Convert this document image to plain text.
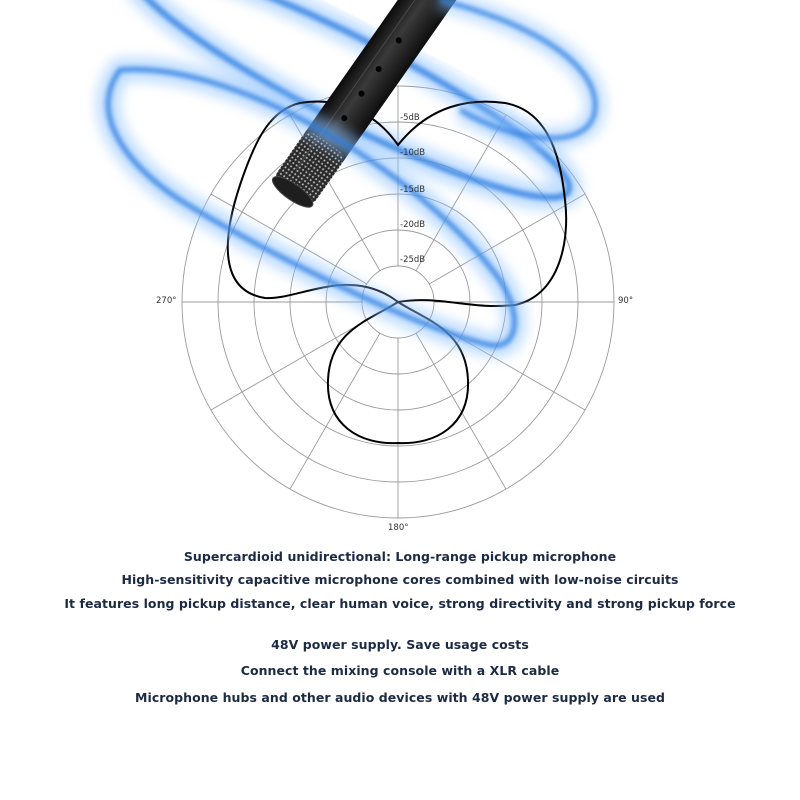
-5dB
-10dB
-15dB
-20dB
-25dB
270°	90°
180°
Supercardioid unidirectional: Long-range pickup microphone
High-sensitivity capacitive microphone cores combined with low-noise circuits
It features long pickup distance, clear human voice, strong directivity and strong pickup force
48V power supply. Save usage costs
Connect the mixing console with a XLR cable
Microphone hubs and other audio devices with 48V power supply are used
